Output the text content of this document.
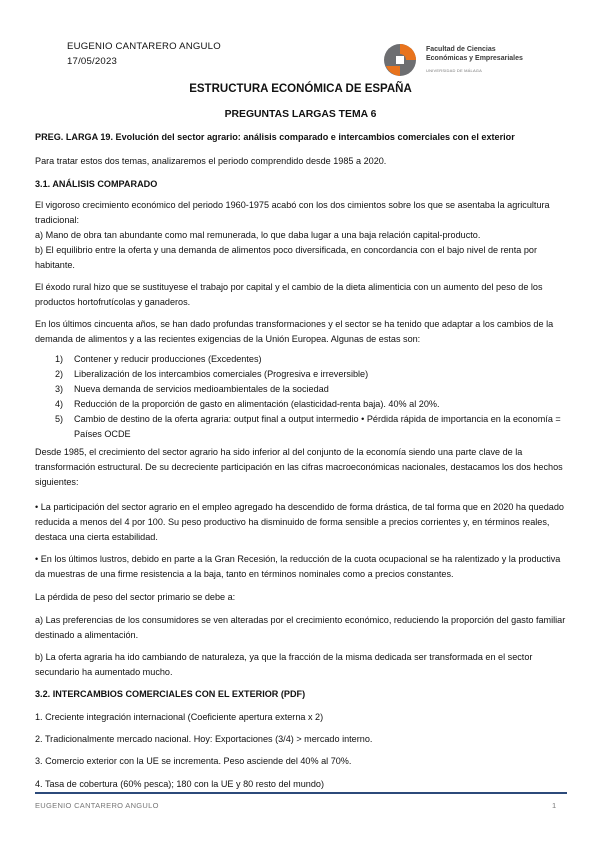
EUGENIO CANTARERO ANGULO
17/05/2023
Facultad de Ciencias
Económicas y Empresariales
UNIVERSIDAD DE MÁLAGA
ESTRUCTURA ECONÓMICA DE ESPAÑA
PREGUNTAS LARGAS TEMA 6

PREG. LARGA 19. Evolución del sector agrario: análisis comparado e intercambios comerciales con el exterior

Para tratar estos dos temas, analizaremos el periodo comprendido desde 1985 a 2020.

3.1. ANÁLISIS COMPARADO

El vigoroso crecimiento económico del periodo 1960-1975 acabó con los dos cimientos sobre los que se asentaba la agricultura tradicional:

a) Mano de obra tan abundante como mal remunerada, lo que daba lugar a una baja relación capital-producto.

b) El equilibrio entre la oferta y una demanda de alimentos poco diversificada, en concordancia con el bajo nivel de renta por habitante.

El éxodo rural hizo que se sustituyese el trabajo por capital y el cambio de la dieta alimenticia con un aumento del peso de los productos hortofrutícolas y ganaderos.

En los últimos cincuenta años, se han dado profundas transformaciones y el sector se ha tenido que adaptar a los cambios de la demanda de alimentos y a las recientes exigencias de la Unión Europea. Algunas de estas son:

1) Contener y reducir producciones (Excedentes)
2) Liberalización de los intercambios comerciales (Progresiva e irreversible)
3) Nueva demanda de servicios medioambientales de la sociedad
4) Reducción de la proporción de gasto en alimentación (elasticidad-renta baja). 40% al 20%.
5) Cambio de destino de la oferta agraria: output final a output intermedio • Pérdida rápida de importancia en la economía = Países OCDE

Desde 1985, el crecimiento del sector agrario ha sido inferior al del conjunto de la economía siendo una parte clave de la transformación estructural. De su decreciente participación en las cifras macroeconómicas nacionales, destacamos los dos hechos siguientes:

• La participación del sector agrario en el empleo agregado ha descendido de forma drástica, de tal forma que en 2020 ha quedado reducida a menos del 4 por 100. Su peso productivo ha disminuido de forma sensible a precios corrientes y, en términos reales, destaca una cierta estabilidad.

• En los últimos lustros, debido en parte a la Gran Recesión, la reducción de la cuota ocupacional se ha ralentizado y la productiva da muestras de una firme resistencia a la baja, tanto en términos nominales como a precios constantes.

La pérdida de peso del sector primario se debe a:

a) Las preferencias de los consumidores se ven alteradas por el crecimiento económico, reduciendo la proporción del gasto familiar destinado a alimentación.

b) La oferta agraria ha ido cambiando de naturaleza, ya que la fracción de la misma dedicada ser transformada en el sector secundario ha aumentado mucho.

3.2. INTERCAMBIOS COMERCIALES CON EL EXTERIOR (PDF)

1. Creciente integración internacional (Coeficiente apertura externa x 2)

2. Tradicionalmente mercado nacional. Hoy: Exportaciones (3/4) > mercado interno.

3. Comercio exterior con la UE se incrementa. Peso asciende del 40% al 70%.

4. Tasa de cobertura (60% pesca); 180 con la UE y 80 resto del mundo)

EUGENIO CANTARERO ANGULO	1
